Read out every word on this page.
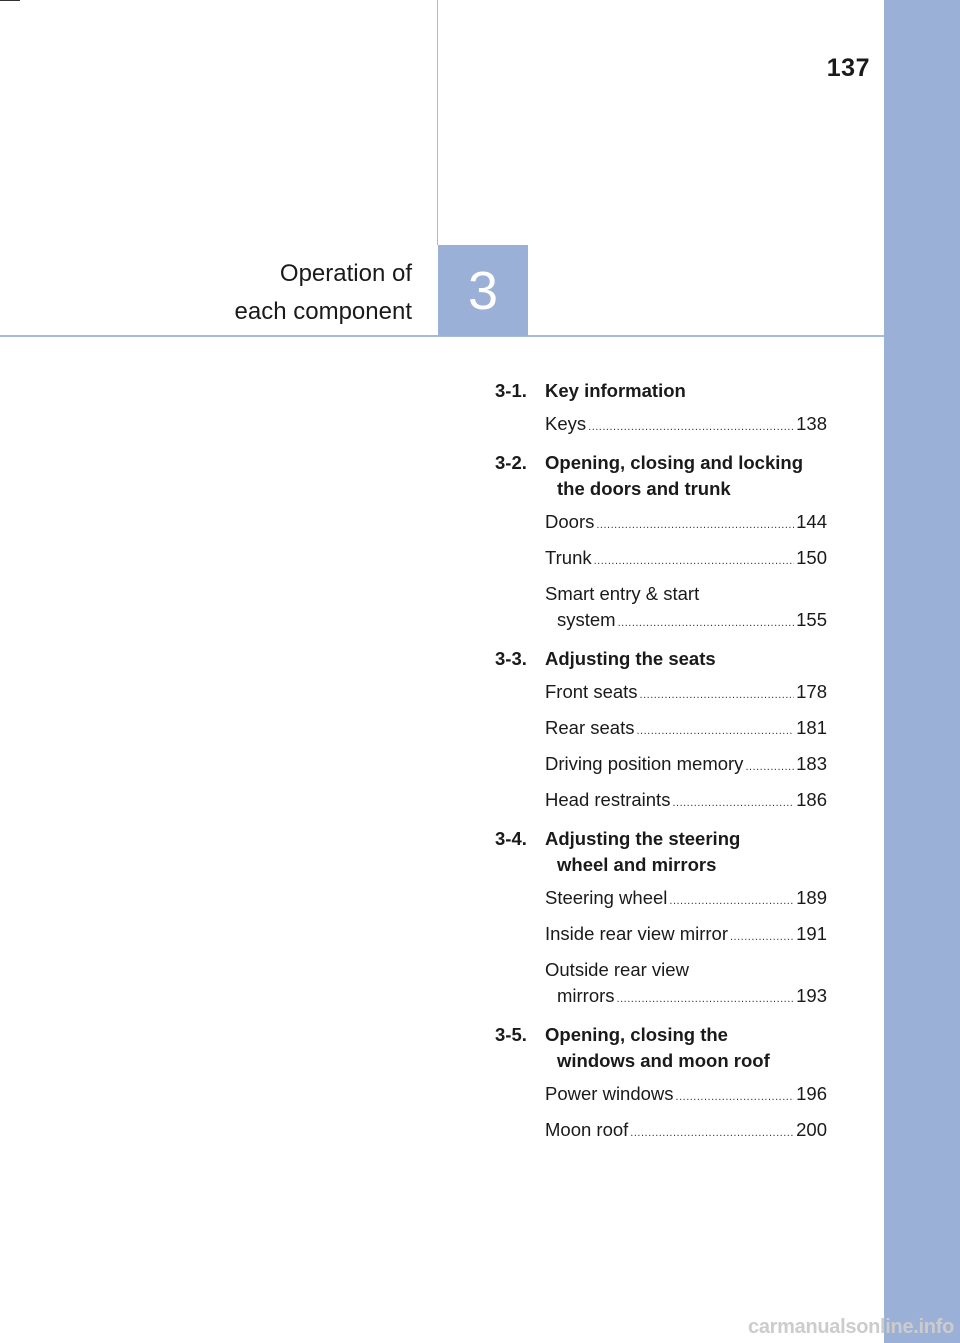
137
Operation of
each component 3
3-1. Key information
Keys .....	138
3-2. Opening, closing and locking
the doors and trunk
Doors .....	144
Trunk .....	150
Smart entry & start
system .....	155
3-3. Adjusting the seats
Front seats .....	178
Rear seats .....	181
Driving position memory .....	183
Head restraints .....	186
3-4. Adjusting the steering
wheel and mirrors
Steering wheel .....	189
Inside rear view mirror .....	191
Outside rear view
mirrors .....	193
3-5. Opening, closing the
windows and moon roof
Power windows .....	196
Moon roof .....	200
carmanualsonline.info
